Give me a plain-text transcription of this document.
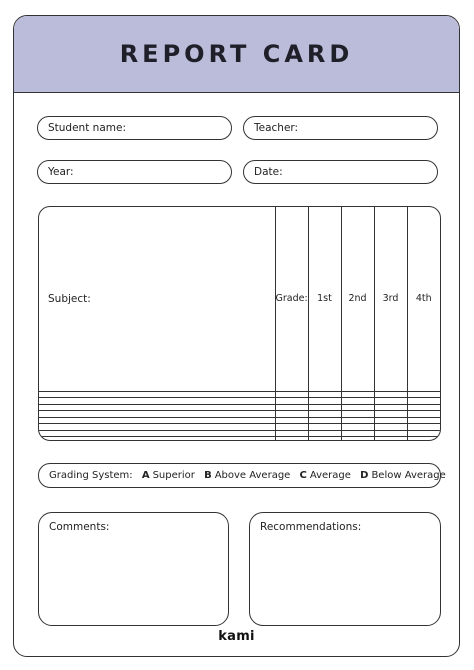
REPORT CARD
Student name:	Teacher:
Year:	Date:
Subject:	Grade:	1st	2nd	3rd	4th

Grading System: A Superior B Above Average C Average D Below Average
Comments:	Recommendations:
kami
